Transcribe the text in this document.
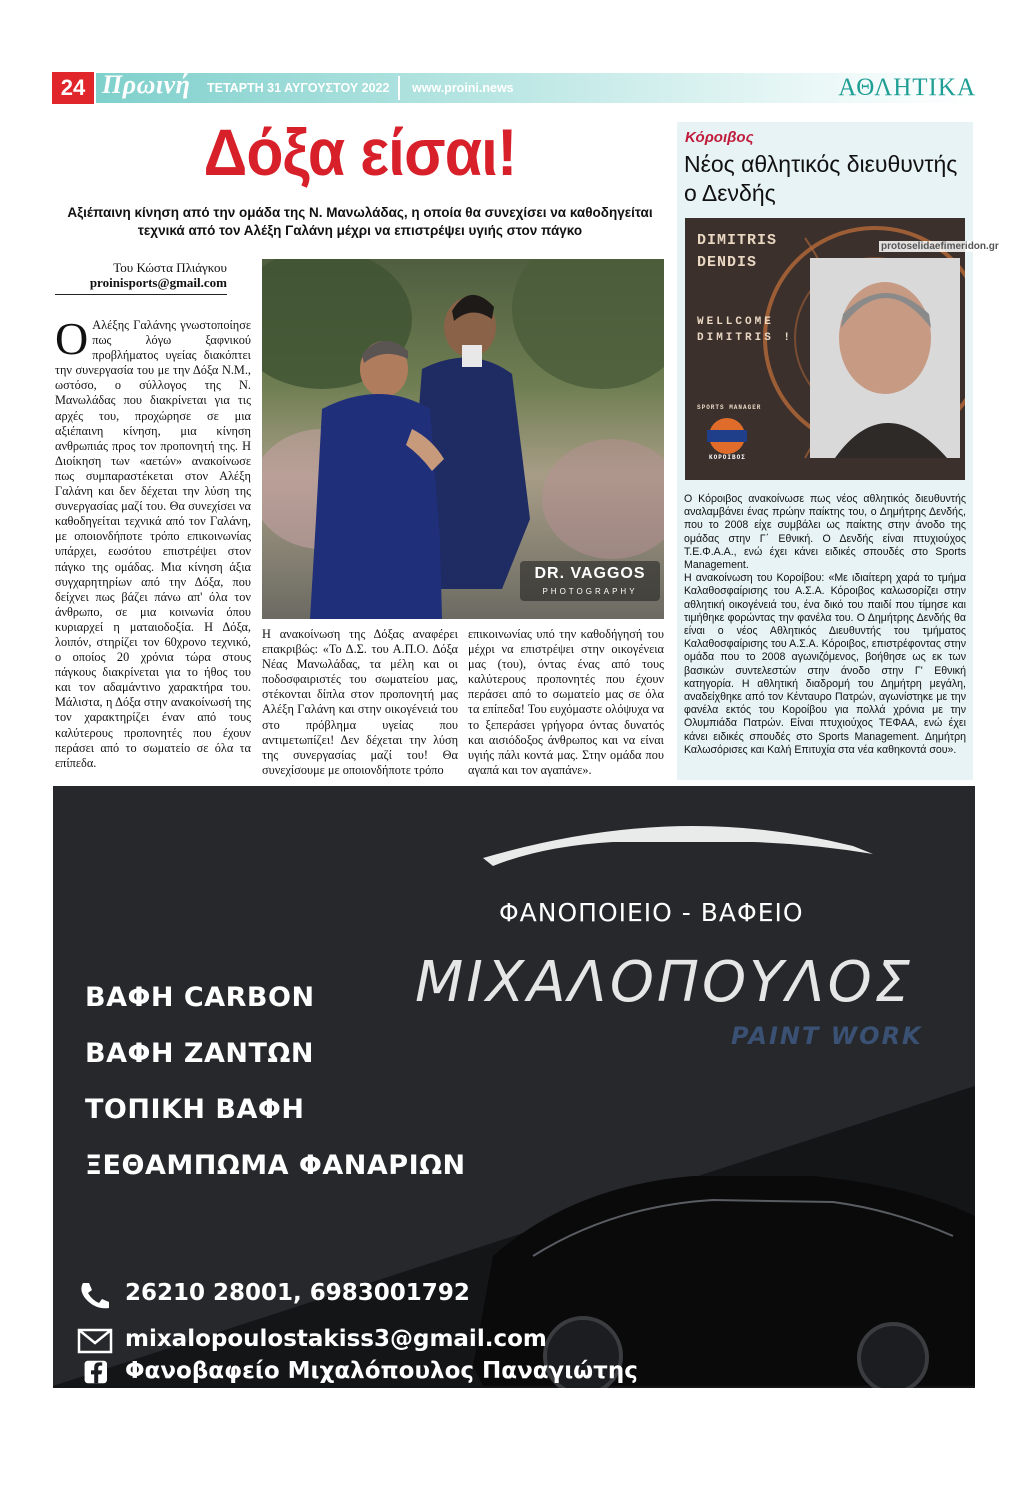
24 Πρωινή ΤΕΤΑΡΤΗ 31 ΑΥΓΟΥΣΤΟΥ 2022 www.proini.news	ΑΘΛΗΤΙΚΑ
Δόξα είσαι!
Αξιέπαινη κίνηση από την ομάδα της Ν. Μανωλάδας, η οποία θα συνεχίσει να καθοδηγείται τεχνικά από τον Αλέξη Γαλάνη μέχρι να επιστρέψει υγιής στον πάγκο
Του Κώστα Πλιάγκου
proinisports@gmail.com
Ο Αλέξης Γαλάνης γνωστοποίησε πως λόγω ξαφνικού προβλήματος υγείας διακόπτει την συνεργασία του με την Δόξα Ν.Μ., ωστόσο, ο σύλλογος της Ν. Μανωλάδας που διακρίνεται για τις αρχές του, προχώρησε σε μια αξιέπαινη κίνηση, μια κίνηση ανθρωπιάς προς τον προπονητή της. Η Διοίκηση των «αετών» ανακοίνωσε πως συμπαραστέκεται στον Αλέξη Γαλάνη και δεν δέχεται την λύση της συνεργασίας μαζί του. Θα συνεχίσει να καθοδηγείται τεχνικά από τον Γαλάνη, με οποιονδήποτε τρόπο επικοινωνίας υπάρχει, εωσότου επιστρέψει στον πάγκο της ομάδας. Μια κίνηση άξια συγχαρητηρίων από την Δόξα, που δείχνει πως βάζει πάνω απ' όλα τον άνθρωπο, σε μια κοινωνία όπου κυριαρχεί η ματαιοδοξία. Η Δόξα, λοιπόν, στηρίζει τον 60χρονο τεχνικό, ο οποίος 20 χρόνια τώρα στους πάγκους διακρίνεται για το ήθος του και τον αδαμάντινο χαρακτήρα του. Μάλιστα, η Δόξα στην ανακοίνωσή της τον χαρακτηρίζει έναν από τους καλύτερους προπονητές που έχουν περάσει από το σωματείο σε όλα τα επίπεδα.
DR. VAGGOS
PHOTOGRAPHY
Η ανακοίνωση της Δόξας αναφέρει επακριβώς: «Το Δ.Σ. του Α.Π.Ο. Δόξα Νέας Μανωλάδας, τα μέλη και οι ποδοσφαιριστές του σωματείου μας, στέκονται δίπλα στον προπονητή μας Αλέξη Γαλάνη και στην οικογένειά του στο πρόβλημα υγείας που αντιμετωπίζει! Δεν δέχεται την λύση της συνεργασίας μαζί του! Θα συνεχίσουμε με οποιονδήποτε τρόπο
επικοινωνίας υπό την καθοδήγησή του μέχρι να επιστρέψει στην οικογένεια μας (του), όντας ένας από τους καλύτερους προπονητές που έχουν περάσει από το σωματείο μας σε όλα τα επίπεδα! Του ευχόμαστε ολόψυχα να το ξεπεράσει γρήγορα όντας δυνατός και αισιόδοξος άνθρωπος και να είναι υγιής πάλι κοντά μας. Στην ομάδα που αγαπά και τον αγαπάνε».
Κόροιβος
Νέος αθλητικός διευθυντής ο Δενδής
DIMITRIS
DENDIS
WELLCOME
DIMITRIS !
SPORTS MANAGER
ΚΟΡΟΙΒΟΣ
protoselidaefimeridon.gr
Ο Κόροιβος ανακοίνωσε πως νέος αθλητικός διευθυντής αναλαμβάνει ένας πρώην παίκτης του, ο Δημήτρης Δενδής, που το 2008 είχε συμβάλει ως παίκτης στην άνοδο της ομάδας στην Γ΄ Εθνική. Ο Δενδής είναι πτυχιούχος Τ.Ε.Φ.Α.Α., ενώ έχει κάνει ειδικές σπουδές στο Sports Management.
Η ανακοίνωση του Κοροίβου: «Με ιδιαίτερη χαρά το τμήμα Καλαθοσφαίρισης του Α.Σ.Α. Κόροιβος καλωσορίζει στην αθλητική οικογένειά του, ένα δικό του παιδί που τίμησε και τιμήθηκε φορώντας την φανέλα του. Ο Δημήτρης Δενδής θα είναι ο νέος Αθλητικός Διευθυντής του τμήματος Καλαθοσφαίρισης του Α.Σ.Α. Κόροιβος, επιστρέφοντας στην ομάδα που το 2008 αγωνιζόμενος, βοήθησε ως εκ των βασικών συντελεστών στην άνοδο στην Γ' Εθνική κατηγορία. Η αθλητική διαδρομή του Δημήτρη μεγάλη, αναδείχθηκε από τον Κένταυρο Πατρών, αγωνίστηκε με την φανέλα εκτός του Κοροίβου για πολλά χρόνια με την Ολυμπιάδα Πατρών. Είναι πτυχιούχος ΤΕΦΑΑ, ενώ έχει κάνει ειδικές σπουδές στο Sports Management. Δημήτρη Καλωσόρισες και Καλή Επιτυχία στα νέα καθηκοντά σου».
ΦΑΝΟΠΟΙΕΙΟ - ΒΑΦΕΙΟ
ΜΙΧΑΛΟΠΟΥΛΟΣ
PAINT WORK
ΒΑΦΗ CARBON
ΒΑΦΗ ΖΑΝΤΩΝ
ΤΟΠΙΚΗ ΒΑΦΗ
ΞΕΘΑΜΠΩΜΑ ΦΑΝΑΡΙΩΝ
26210 28001, 6983001792
mixalopoulostakiss3@gmail.com
Φανοβαφείο Μιχαλόπουλος Παναγιώτης
